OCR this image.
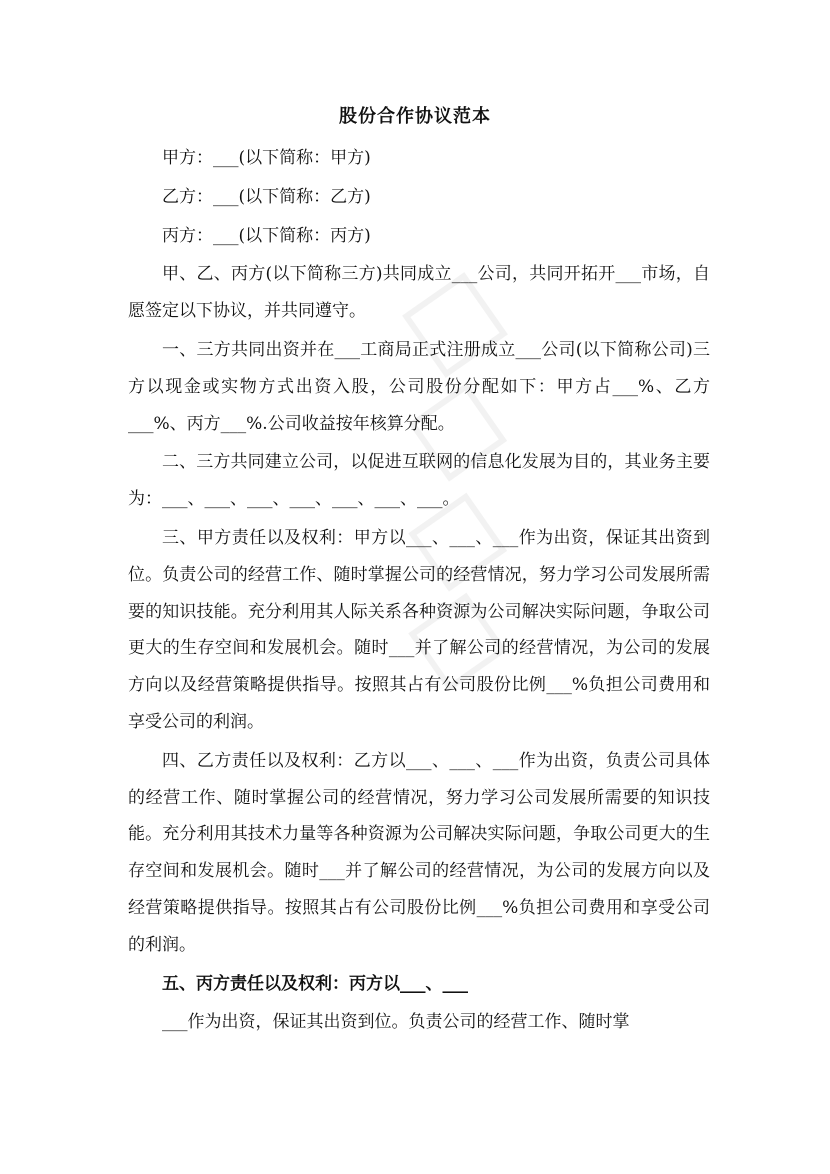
股份合作协议范本

甲方：___(以下简称：甲方)

乙方：___(以下简称：乙方)

丙方：___(以下简称：丙方)

甲、乙、丙方(以下简称三方)共同成立___公司，共同开拓开___市场，自愿签定以下协议，并共同遵守。

一、三方共同出资并在___工商局正式注册成立___公司(以下简称公司)三方以现金或实物方式出资入股，公司股份分配如下：甲方占___%、乙方___%、丙方___%.公司收益按年核算分配。

二、三方共同建立公司，以促进互联网的信息化发展为目的，其业务主要为：___、___、___、___、___、___、___。

三、甲方责任以及权利：甲方以___、___、___作为出资，保证其出资到位。负责公司的经营工作、随时掌握公司的经营情况，努力学习公司发展所需要的知识技能。充分利用其人际关系各种资源为公司解决实际问题，争取公司更大的生存空间和发展机会。随时___并了解公司的经营情况，为公司的发展方向以及经营策略提供指导。按照其占有公司股份比例___%负担公司费用和享受公司的利润。

四、乙方责任以及权利：乙方以___、___、___作为出资，负责公司具体的经营工作、随时掌握公司的经营情况，努力学习公司发展所需要的知识技能。充分利用其技术力量等各种资源为公司解决实际问题，争取公司更大的生存空间和发展机会。随时___并了解公司的经营情况，为公司的发展方向以及经营策略提供指导。按照其占有公司股份比例___%负担公司费用和享受公司的利润。

五、丙方责任以及权利：丙方以___、___

___作为出资，保证其出资到位。负责公司的经营工作、随时掌
